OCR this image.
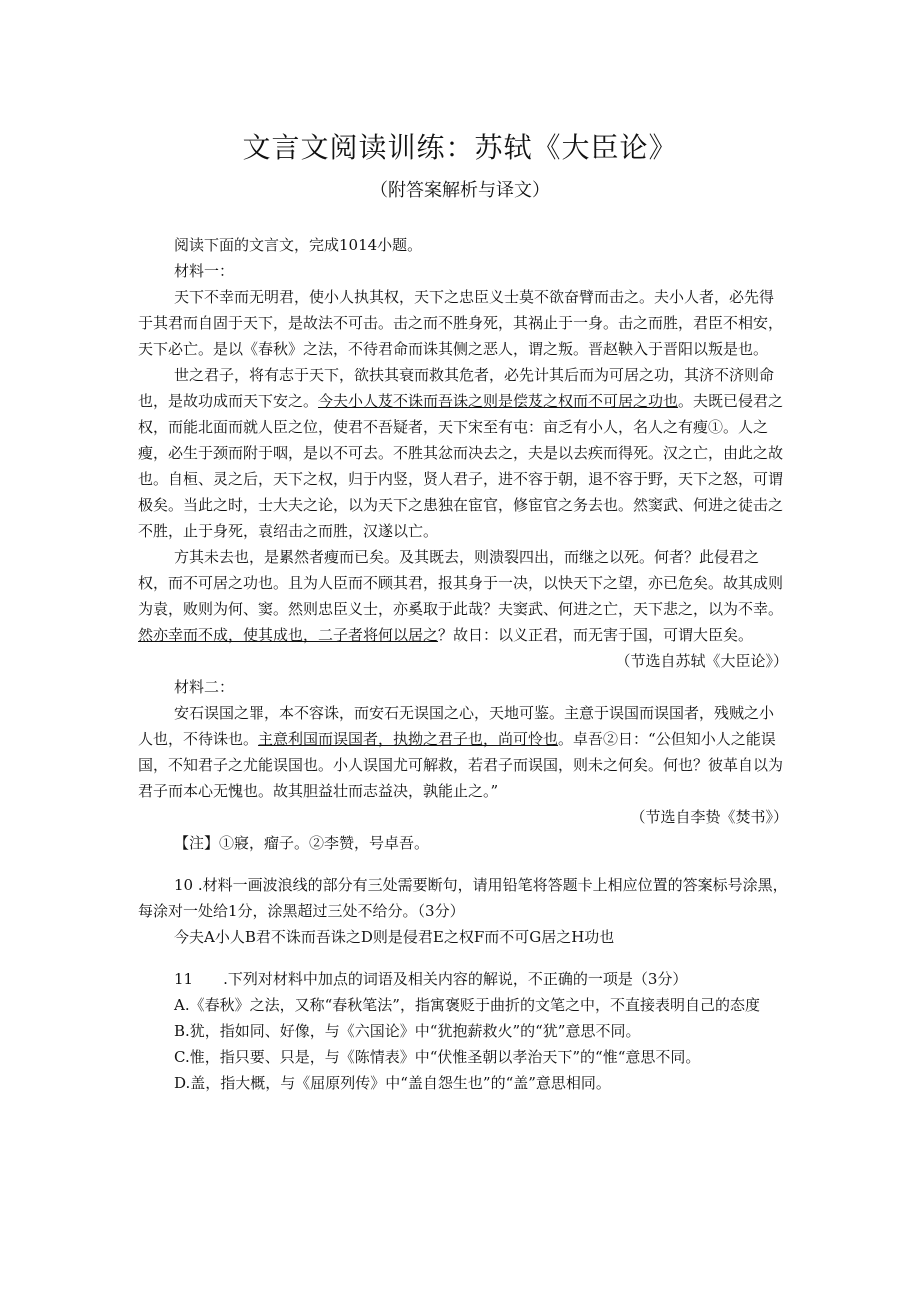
文言文阅读训练：苏轼《大臣论》

（附答案解析与译文）

阅读下面的文言文，完成1014小题。

材料一：

天下不幸而无明君，使小人执其权，天下之忠臣义士莫不欲奋臂而击之。夫小人者，必先得于其君而自固于天下，是故法不可击。击之而不胜身死，其祸止于一身。击之而胜，君臣不相安，天下必亡。是以《春秋》之法，不待君命而诛其侧之恶人，谓之叛。晋赵鞅入于晋阳以叛是也。

世之君子，将有志于天下，欲扶其衰而救其危者，必先计其后而为可居之功，其济不济则命也，是故功成而天下安之。今夫小人芨不诛而吾诛之则是偿芨之权而不可居之功也。夫既已侵君之权，而能北面而就人臣之位，使君不吾疑者，天下宋至有屯：亩乏有小人，名人之有瘦①。人之瘦，必生于颈而附于咽，是以不可去。不胜其忿而决去之，夫是以去疾而得死。汉之亡，由此之故也。自桓、灵之后，天下之权，归于内竖，贤人君子，进不容于朝，退不容于野，天下之怒，可谓极矣。当此之时，士大夫之论，以为天下之患独在宦官，修宦官之务去也。然窦武、何进之徒击之不胜，止于身死，袁绍击之而胜，汉遂以亡。

方其未去也，是累然者瘦而已矣。及其既去，则溃裂四出，而继之以死。何者？此侵君之权，而不可居之功也。且为人臣而不顾其君，报其身于一决，以快天下之望，亦已危矣。故其成则为袁，败则为何、窦。然则忠臣义士，亦奚取于此哉？夫窦武、何进之亡，天下悲之，以为不幸。然亦幸而不成，使其成也，二子者将何以居之？故日：以义正君，而无害于国，可谓大臣矣。

（节选自苏轼《大臣论》）

材料二：

安石误国之罪，本不容诛，而安石无误国之心，天地可鉴。主意于误国而误国者，残贼之小人也，不待诛也。主意利国而误国者，执拗之君子也，尚可怜也。卓吾②日：“公但知小人之能误国，不知君子之尤能误国也。小人误国尤可解救，若君子而误国，则未之何矣。何也？彼革自以为君子而本心无愧也。故其胆益壮而志益决，孰能止之。”

（节选自李贽《焚书》）

【注】①寢，瘤子。②李赞，号卓吾。

10 .材料一画波浪线的部分有三处需要断句，请用铅笔将答题卡上相应位置的答案标号涂黑，每涂对一处给1分，涂黑超过三处不给分。（3分）

今夫A小人B君不诛而吾诛之D则是侵君E之权F而不可G居之H功也

11　　.下列对材料中加点的词语及相关内容的解说，不正确的一项是（3分）

A.《春秋》之法，又称“春秋笔法”，指寓褒贬于曲折的文笔之中，不直接表明自己的态度

B.犹，指如同、好像，与《六国论》中“犹抱薪救火”的“犹”意思不同。

C.惟，指只要、只是，与《陈情表》中“伏惟圣朝以孝治天下”的“惟“意思不同。

D.盖，指大概，与《屈原列传》中“盖自怨生也”的“盖”意思相同。
